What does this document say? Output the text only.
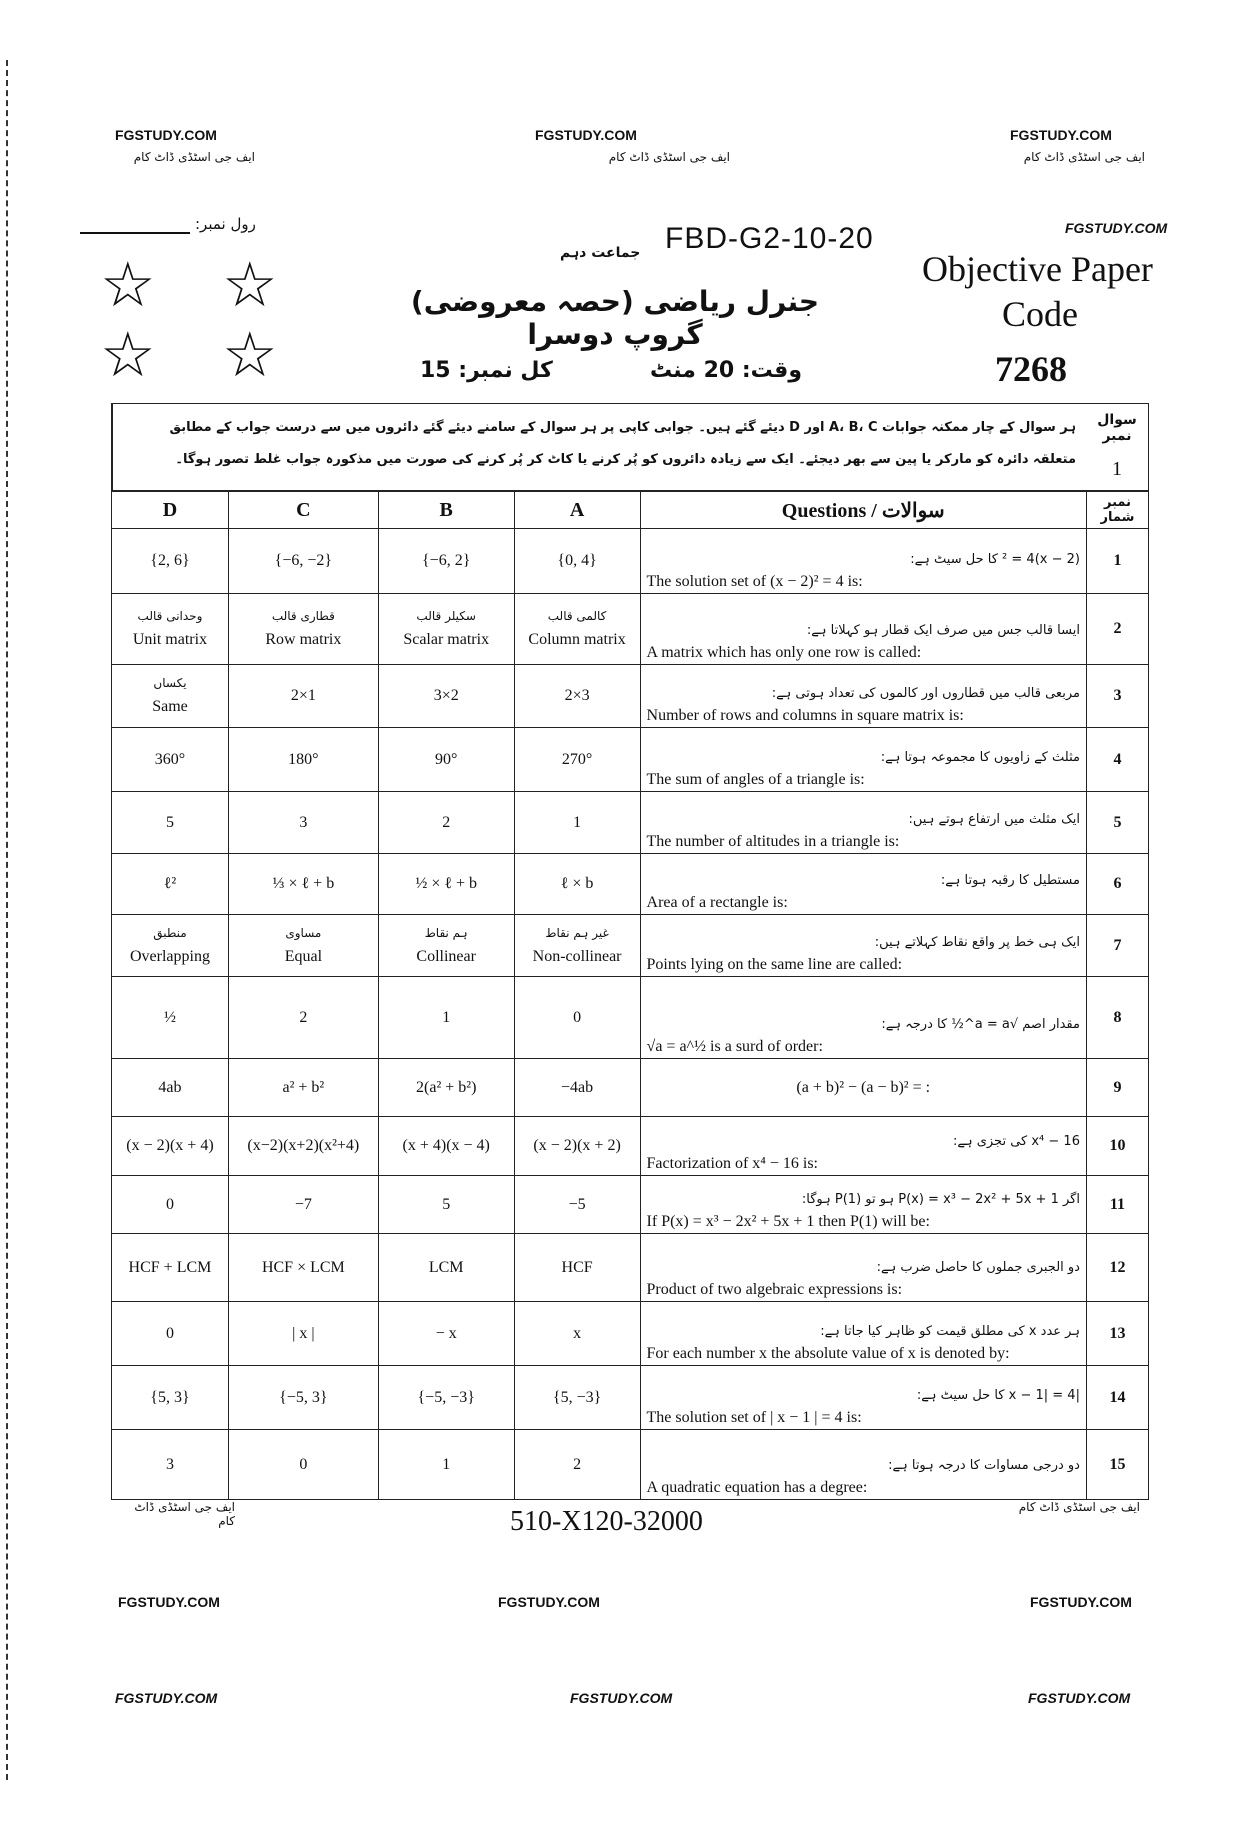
FGSTUDY.COM	FGSTUDY.COM	FGSTUDY.COM
ایف جی اسٹڈی ڈاٹ کام	ایف جی اسٹڈی ڈاٹ کام	ایف جی اسٹڈی ڈاٹ کام
رول نمبر:
☆ ☆
☆ ☆
FGSTUDY.COM
FBD-G2-10-20
جماعت دہم
جنرل ریاضی (حصہ معروضی) گروپ دوسرا
کل نمبر: 15	وقت: 20 منٹ
Objective Paper
Code
7268
ہر سوال کے چار ممکنہ جوابات A، B، C اور D دیئے گئے ہیں۔ جوابی کاپی پر ہر سوال کے سامنے دیئے گئے دائروں میں سے درست جواب کے مطابق متعلقہ دائرہ کو مارکر یا پین سے بھر دیجئے۔ ایک سے زیادہ دائروں کو پُر کرنے یا کاٹ کر پُر کرنے کی صورت میں مذکورہ جواب غلط تصور ہوگا۔
سوال نمبر
1
D	C	B	A	Questions / سوالات	نمبر شمار
{2, 6}	{−6, −2}	{−6, 2}	{0, 4}	(x − 2)² = 4 کا حل سیٹ ہے:
The solution set of (x − 2)² = 4 is:	1

وحدانی قالب
Unit matrix	قطاری قالب
Row matrix	سکیلر قالب
Scalar matrix	کالمی قالب
Column matrix	ایسا قالب جس میں صرف ایک قطار ہو کہلاتا ہے:
A matrix which has only one row is called:	2

یکساں
Same	2×1	3×2	2×3	مربعی قالب میں قطاروں اور کالموں کی تعداد ہوتی ہے:
Number of rows and columns in square matrix is:	3
360°	180°	90°	270°	مثلث کے زاویوں کا مجموعہ ہوتا ہے:
The sum of angles of a triangle is:	4
5	3	2	1	ایک مثلث میں ارتفاع ہوتے ہیں:
The number of altitudes in a triangle is:	5
ℓ²	⅓ × ℓ + b	½ × ℓ + b	ℓ × b	مستطیل کا رقبہ ہوتا ہے:
Area of a rectangle is:	6

منطبق
Overlapping	مساوی
Equal	ہم نقاط
Collinear	غیر ہم نقاط
Non-collinear	ایک ہی خط پر واقع نقاط کہلاتے ہیں:
Points lying on the same line are called:	7
½	2	1	0	مقدار اصم √a = a^½ کا درجہ ہے:
√a = a^½ is a surd of order:	8
4ab	a² + b²	2(a² + b²)	−4ab	(a + b)² − (a − b)² = :	9
(x − 2)(x + 4)	(x−2)(x+2)(x²+4)	(x + 4)(x − 4)	(x − 2)(x + 2)	x⁴ − 16 کی تجزی ہے:
Factorization of x⁴ − 16 is:	10
0	−7	5	−5	اگر P(x) = x³ − 2x² + 5x + 1 ہو تو P(1) ہوگا:
If P(x) = x³ − 2x² + 5x + 1 then P(1) will be:	11
HCF + LCM	HCF × LCM	LCM	HCF	دو الجبری جملوں کا حاصل ضرب ہے:
Product of two algebraic expressions is:	12
0	| x |	− x	x	ہر عدد x کی مطلق قیمت کو ظاہر کیا جاتا ہے:
For each number x the absolute value of x is denoted by:	13
{5, 3}	{−5, 3}	{−5, −3}	{5, −3}	|x − 1| = 4 کا حل سیٹ ہے:
The solution set of | x − 1 | = 4 is:	14
3	0	1	2	دو درجی مساوات کا درجہ ہوتا ہے:
A quadratic equation has a degree:	15
510-X120-32000
ایف جی اسٹڈی ڈاٹ کام
ایف جی اسٹڈی ڈاٹ کام
FGSTUDY.COM	FGSTUDY.COM	FGSTUDY.COM
FGSTUDY.COM	FGSTUDY.COM	FGSTUDY.COM
